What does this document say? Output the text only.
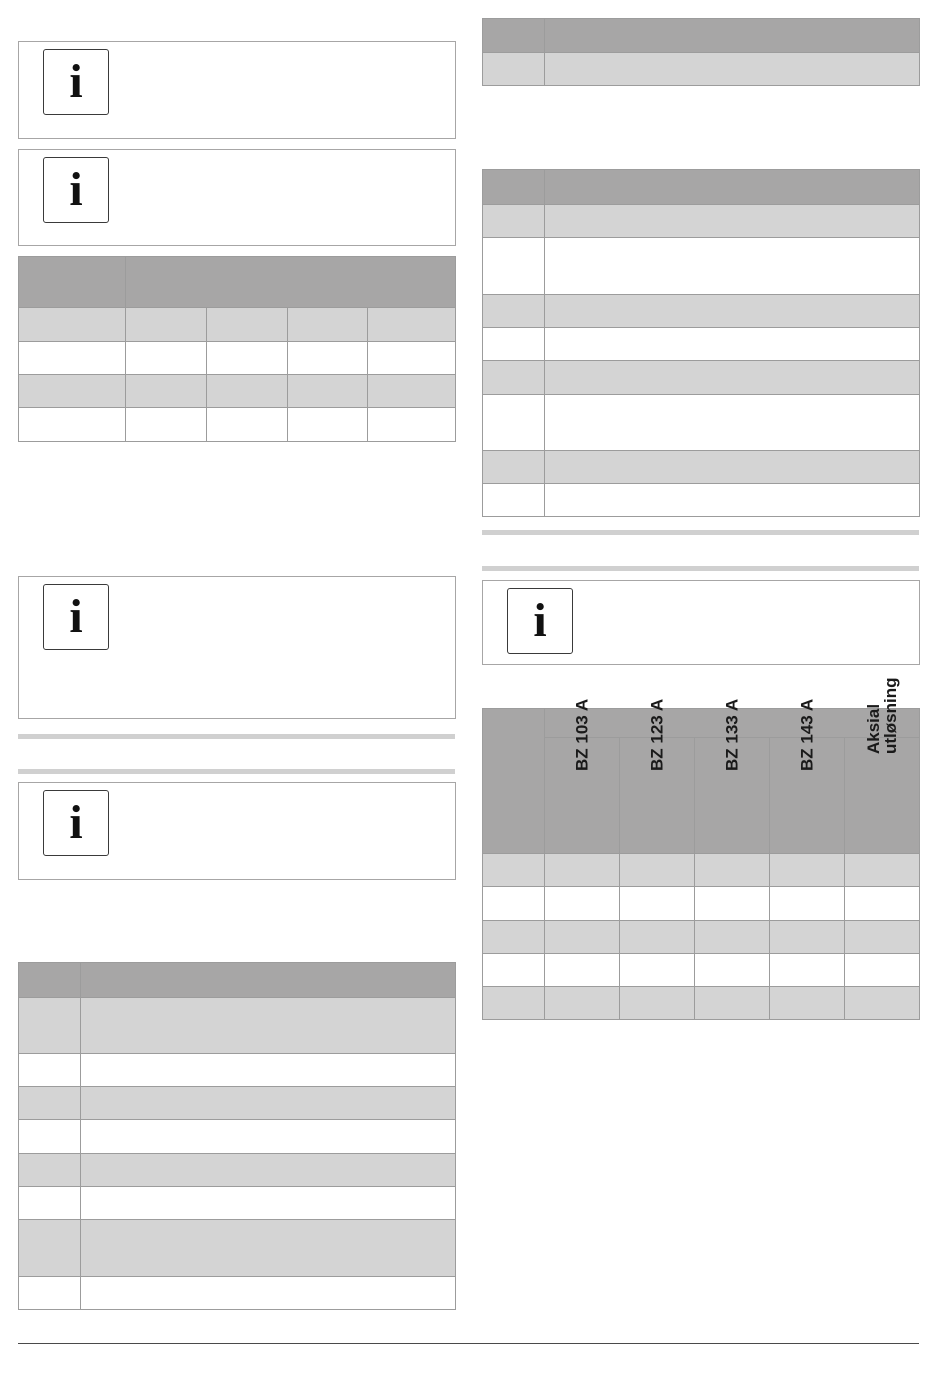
i
i

i
i

i

	BZ 103 A	BZ 123 A	BZ 133 A	BZ 143 A	Aksial utløsning
